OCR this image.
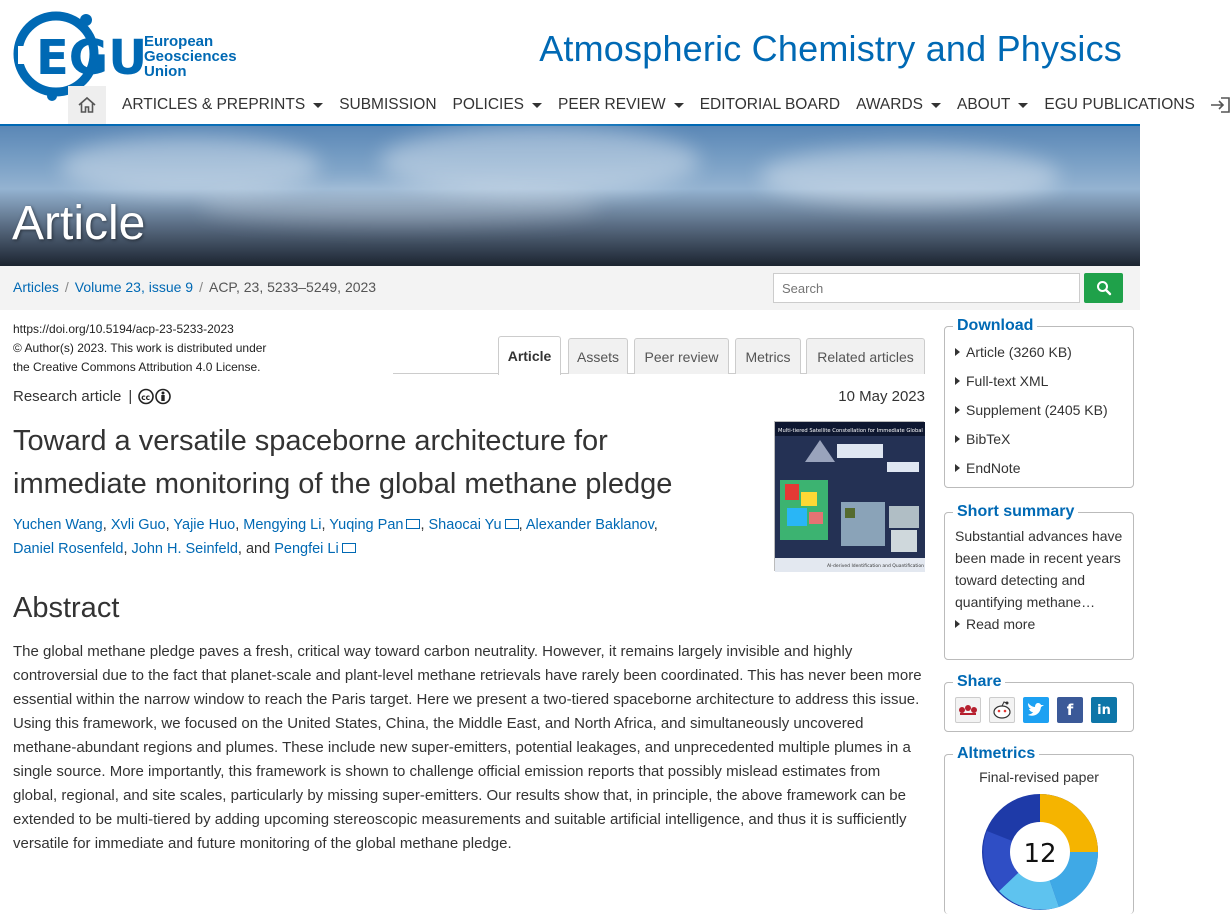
EGU
European
Geosciences
Union
Atmospheric Chemistry and Physics
ARTICLES & PREPRINTS SUBMISSION POLICIES PEER REVIEW EDITORIAL BOARD AWARDS ABOUT EGU PUBLICATIONS
Article
Articles / Volume 23, issue 9 / ACP, 23, 5233–5249, 2023
Search
https://doi.org/10.5194/acp-23-5233-2023
© Author(s) 2023. This work is distributed under
the Creative Commons Attribution 4.0 License.
Article	Assets	Peer review	Metrics	Related articles
Research article | cc	10 May 2023
Toward a versatile spaceborne architecture for
immediate monitoring of the global methane pledge
Yuchen Wang, Xvli Guo, Yajie Huo, Mengying Li, Yuqing Pan , Shaocai Yu , Alexander Baklanov,
Daniel Rosenfeld, John H. Seinfeld, and Pengfei Li
Multi-tiered Satellite Constellation for Immediate Global
AI-derived Identification and Quantification
Abstract

The global methane pledge paves a fresh, critical way toward carbon neutrality. However, it remains largely invisible and highly controversial due to the fact that planet-scale and plant-level methane retrievals have rarely been coordinated. This has never been more essential within the narrow window to reach the Paris target. Here we present a two-tiered spaceborne architecture to address this issue. Using this framework, we focused on the United States, China, the Middle East, and North Africa, and simultaneously uncovered methane-abundant regions and plumes. These include new super-emitters, potential leakages, and unprecedented multiple plumes in a single source. More importantly, this framework is shown to challenge official emission reports that possibly mislead estimates from global, regional, and site scales, particularly by missing super-emitters. Our results show that, in principle, the above framework can be extended to be multi-tiered by adding upcoming stereoscopic measurements and suitable artificial intelligence, and thus it is sufficiently versatile for immediate and future monitoring of the global methane pledge.

Download
Article (3260 KB)
Full-text XML
Supplement (2405 KB)
BibTeX
EndNote
Short summary
Substantial advances have been made in recent years toward detecting and quantifying methane…
Read more
Share
f in
Altmetrics
Final-revised paper
12
